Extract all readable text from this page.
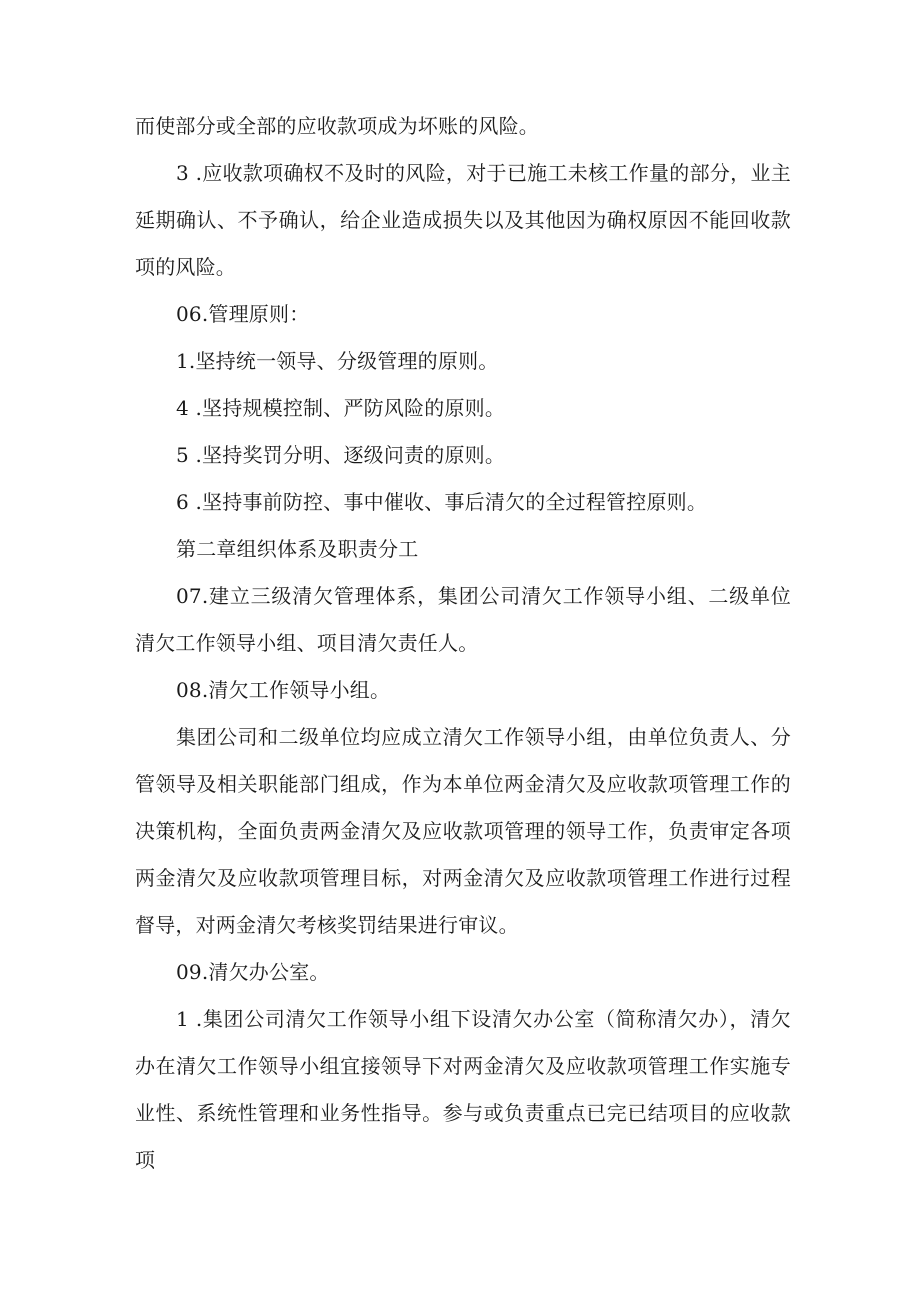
而使部分或全部的应收款项成为坏账的风险。

3 .应收款项确权不及时的风险，对于已施工未核工作量的部分，业主延期确认、不予确认，给企业造成损失以及其他因为确权原因不能回收款项的风险。

06.管理原则：

1.坚持统一领导、分级管理的原则。

4 .坚持规模控制、严防风险的原则。

5 .坚持奖罚分明、逐级问责的原则。

6 .坚持事前防控、事中催收、事后清欠的全过程管控原则。

第二章组织体系及职责分工

07.建立三级清欠管理体系，集团公司清欠工作领导小组、二级单位清欠工作领导小组、项目清欠责任人。

08.清欠工作领导小组。

集团公司和二级单位均应成立清欠工作领导小组，由单位负责人、分管领导及相关职能部门组成，作为本单位两金清欠及应收款项管理工作的决策机构，全面负责两金清欠及应收款项管理的领导工作，负责审定各项两金清欠及应收款项管理目标，对两金清欠及应收款项管理工作进行过程督导，对两金清欠考核奖罚结果进行审议。

09.清欠办公室。

1 .集团公司清欠工作领导小组下设清欠办公室（简称清欠办），清欠办在清欠工作领导小组宜接领导下对两金清欠及应收款项管理工作实施专业性、系统性管理和业务性指导。参与或负责重点已完已结项目的应收款项
